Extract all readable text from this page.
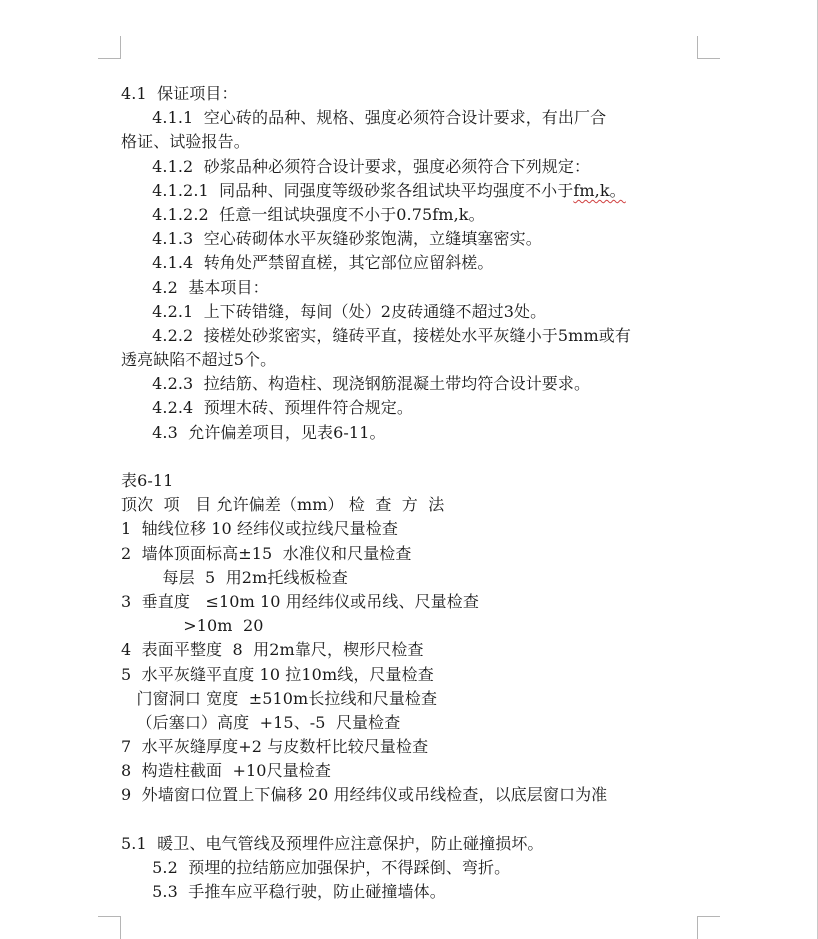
4.1  保证项目：
4.1.1  空心砖的品种、规格、强度必须符合设计要求，有出厂合
格证、试验报告。
4.1.2  砂浆品种必须符合设计要求，强度必须符合下列规定：
4.1.2.1  同品种、同强度等级砂浆各组试块平均强度不小于fm,k。
4.1.2.2  任意一组试块强度不小于0.75fm,k。
4.1.3  空心砖砌体水平灰缝砂浆饱满，立缝填塞密实。
4.1.4  转角处严禁留直槎，其它部位应留斜槎。
4.2  基本项目：
4.2.1  上下砖错缝，每间（处）2皮砖通缝不超过3处。
4.2.2  接槎处砂浆密实，缝砖平直，接槎处水平灰缝小于5mm或有
透亮缺陷不超过5个。
4.2.3  拉结筋、构造柱、现浇钢筋混凝土带均符合设计要求。
4.2.4  预埋木砖、预埋件符合规定。
4.3  允许偏差项目，见表6-11。
表6-11
顶次  项   目 允许偏差（mm） 检  查  方  法
1  轴线位移 10 经纬仪或拉线尺量检查
2  墙体顶面标高±15  水准仪和尺量检查
每层  5  用2m托线板检查
3  垂直度   ≤10m 10 用经纬仪或吊线、尺量检查
>10m  20
4  表面平整度  8  用2m靠尺，楔形尺检查
5  水平灰缝平直度 10 拉10m线，尺量检查
门窗洞口 宽度  ±510m长拉线和尺量检查
（后塞口）高度  +15、-5  尺量检查
7  水平灰缝厚度+2 与皮数杆比较尺量检查
8  构造柱截面  +10尺量检查
9  外墙窗口位置上下偏移 20 用经纬仪或吊线检查，以底层窗口为准
5.1  暖卫、电气管线及预埋件应注意保护，防止碰撞损坏。
5.2  预埋的拉结筋应加强保护，不得踩倒、弯折。
5.3  手推车应平稳行驶，防止碰撞墙体。
